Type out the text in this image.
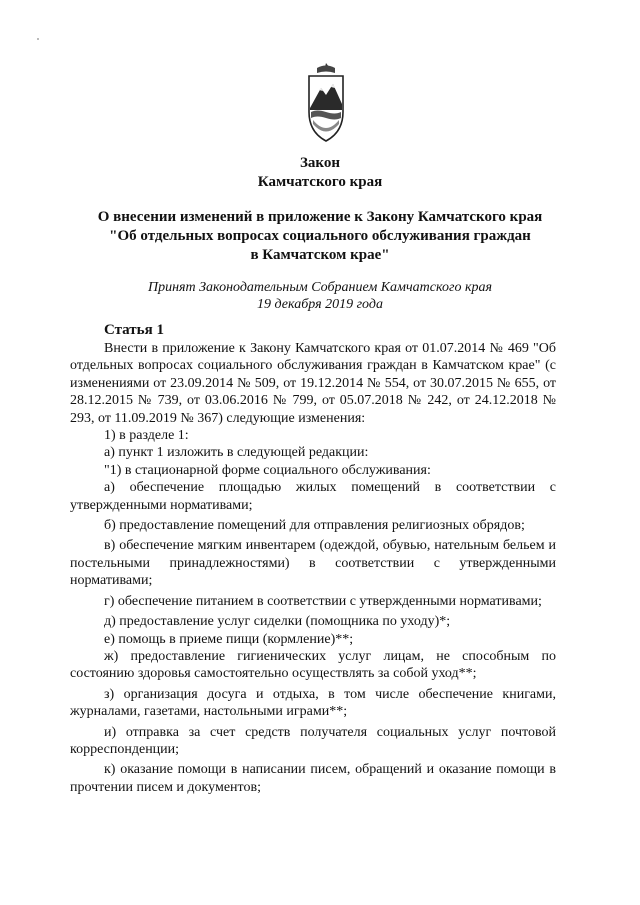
Закон
Камчатского края
О внесении изменений в приложение к Закону Камчатского края
"Об отдельных вопросах социального обслуживания граждан
в Камчатском крае"
Принят Законодательным Собранием Камчатского края
19 декабря 2019 года
Статья 1

Внести в приложение к Закону Камчатского края от 01.07.2014 № 469 "Об отдельных вопросах социального обслуживания граждан в Камчатском крае" (с изменениями от 23.09.2014 № 509, от 19.12.2014 № 554, от 30.07.2015 № 655, от 28.12.2015 № 739, от 03.06.2016 № 799, от 05.07.2018 № 242, от 24.12.2018 № 293, от 11.09.2019 № 367) следующие изменения:

1) в разделе 1:

а) пункт 1 изложить в следующей редакции:

"1) в стационарной форме социального обслуживания:

а) обеспечение площадью жилых помещений в соответствии с утвержденными нормативами;

б) предоставление помещений для отправления религиозных обрядов;

в) обеспечение мягким инвентарем (одеждой, обувью, нательным бельем и постельными принадлежностями) в соответствии с утвержденными нормативами;

г) обеспечение питанием в соответствии с утвержденными нормативами;

д) предоставление услуг сиделки (помощника по уходу)*;

е) помощь в приеме пищи (кормление)**;

ж) предоставление гигиенических услуг лицам, не способным по состоянию здоровья самостоятельно осуществлять за собой уход**;

з) организация досуга и отдыха, в том числе обеспечение книгами, журналами, газетами, настольными играми**;

и) отправка за счет средств получателя социальных услуг почтовой корреспонденции;

к) оказание помощи в написании писем, обращений и оказание помощи в прочтении писем и документов;
